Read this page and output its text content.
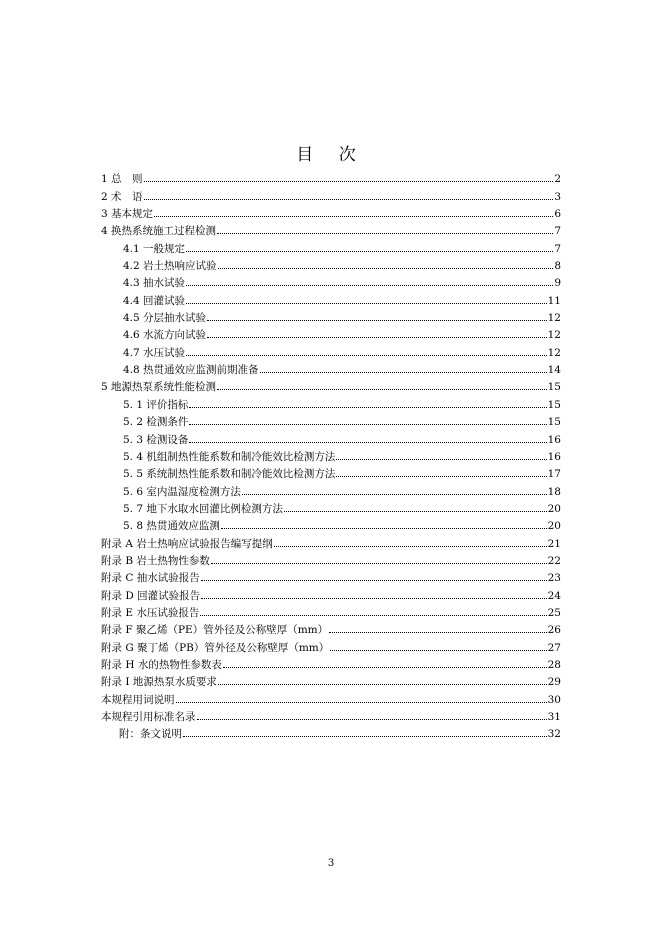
目 次
1 总　则	2
2 术　语	3
3 基本规定	6
4 换热系统施工过程检测	7
4.1 一般规定	7
4.2 岩土热响应试验	8
4.3 抽水试验	9
4.4 回灌试验	11
4.5 分层抽水试验	12
4.6 水流方向试验	12
4.7 水压试验	12
4.8 热贯通效应监测前期准备	14
5 地源热泵系统性能检测	15
5. 1 评价指标	15
5. 2 检测条件	15
5. 3 检测设备	16
5. 4 机组制热性能系数和制冷能效比检测方法	16
5. 5 系统制热性能系数和制冷能效比检测方法	17
5. 6 室内温湿度检测方法	18
5. 7 地下水取水回灌比例检测方法	20
5. 8 热贯通效应监测	20
附录 A 岩土热响应试验报告编写提纲	21
附录 B 岩土热物性参数	22
附录 C 抽水试验报告	23
附录 D 回灌试验报告	24
附录 E 水压试验报告	25
附录 F 聚乙烯（PE）管外径及公称壁厚（mm）	26
附录 G 聚丁烯（PB）管外径及公称壁厚（mm）	27
附录 H 水的热物性参数表	28
附录 I 地源热泵水质要求	29
本规程用词说明	30
本规程引用标准名录	31
附：条文说明	32
3
